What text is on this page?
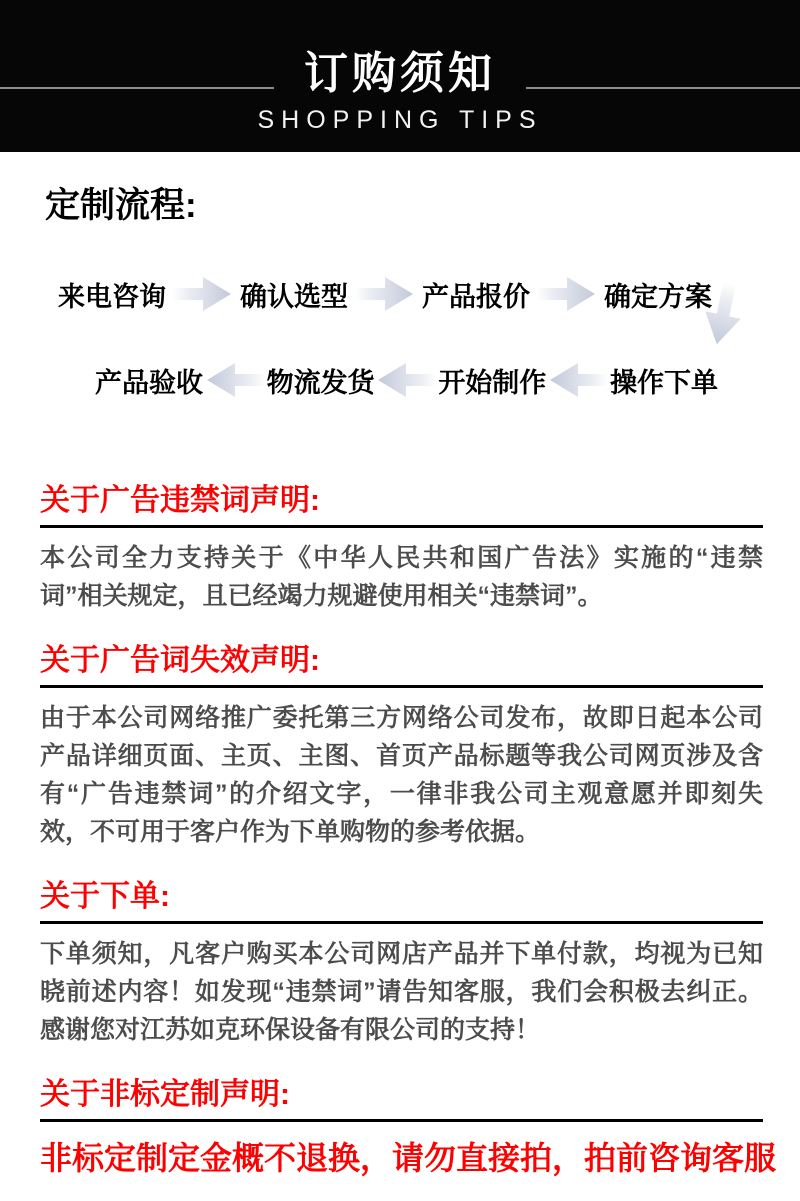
订购须知
SHOPPING TIPS
定制流程:
来电咨询	确认选型	产品报价	确定方案
产品验收 物流发货 开始制作 操作下单
关于广告违禁词声明:

本公司全力支持关于《中华人民共和国广告法》实施的“违禁词”相关规定，且已经竭力规避使用相关“违禁词”。

关于广告词失效声明:

由于本公司网络推广委托第三方网络公司发布，故即日起本公司产品详细页面、主页、主图、首页产品标题等我公司网页涉及含有“广告违禁词”的介绍文字，一律非我公司主观意愿并即刻失效，不可用于客户作为下单购物的参考依据。

关于下单:

下单须知，凡客户购买本公司网店产品并下单付款，均视为已知晓前述内容！如发现“违禁词”请告知客服，我们会积极去纠正。感谢您对江苏如克环保设备有限公司的支持！

关于非标定制声明:

非标定制定金概不退换，请勿直接拍，拍前咨询客服
